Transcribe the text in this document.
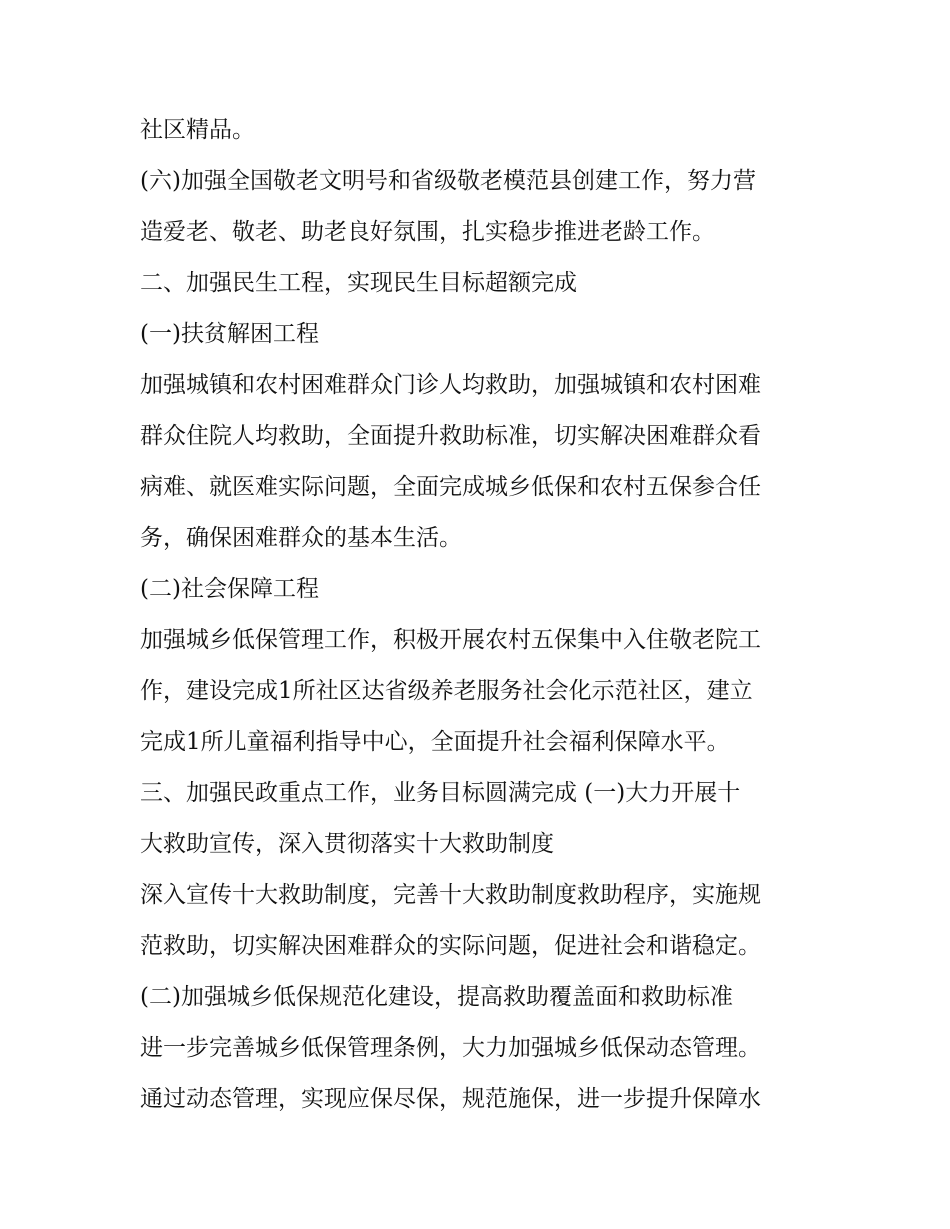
社区精品。
(六)加强全国敬老文明号和省级敬老模范县创建工作，努力营
造爱老、敬老、助老良好氛围，扎实稳步推进老龄工作。
二、加强民生工程，实现民生目标超额完成
(一)扶贫解困工程
加强城镇和农村困难群众门诊人均救助，加强城镇和农村困难
群众住院人均救助，全面提升救助标准，切实解决困难群众看
病难、就医难实际问题，全面完成城乡低保和农村五保参合任
务，确保困难群众的基本生活。
(二)社会保障工程
加强城乡低保管理工作，积极开展农村五保集中入住敬老院工
作，建设完成1所社区达省级养老服务社会化示范社区，建立
完成1所儿童福利指导中心，全面提升社会福利保障水平。
三、加强民政重点工作，业务目标圆满完成 (一)大力开展十
大救助宣传，深入贯彻落实十大救助制度
深入宣传十大救助制度，完善十大救助制度救助程序，实施规
范救助，切实解决困难群众的实际问题，促进社会和谐稳定。
(二)加强城乡低保规范化建设，提高救助覆盖面和救助标准
进一步完善城乡低保管理条例，大力加强城乡低保动态管理。
通过动态管理，实现应保尽保，规范施保，进一步提升保障水
